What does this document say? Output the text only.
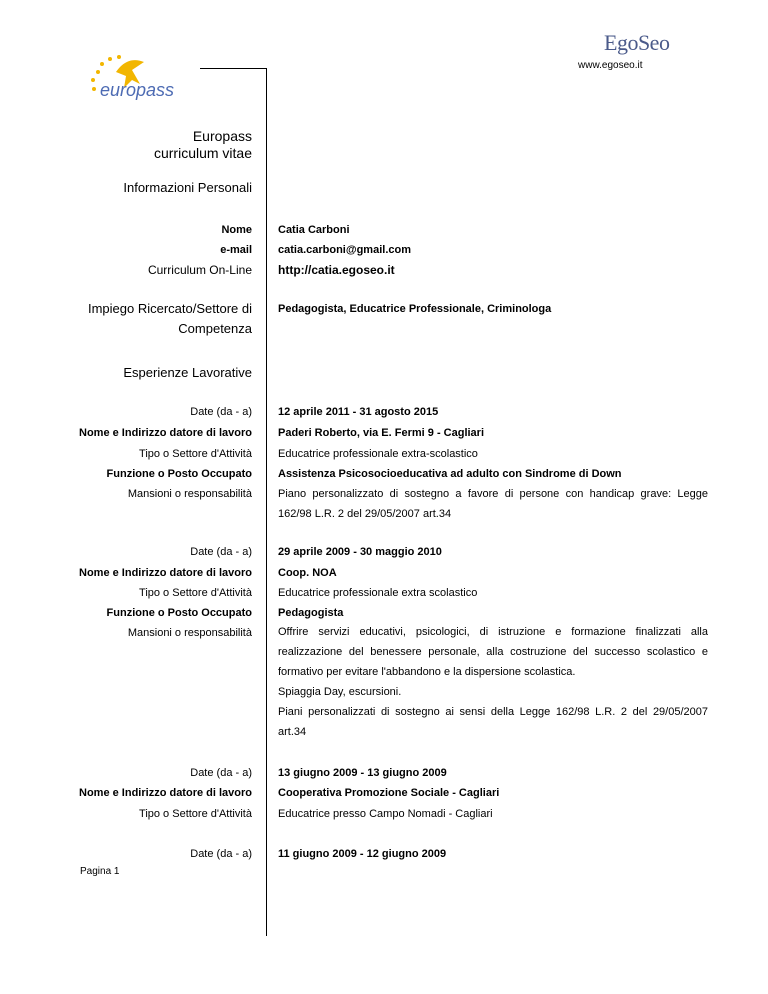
EgoSeo
www.egoseo.it
europass
Europass
curriculum vitae
Informazioni Personali
Nome Catia Carboni
e-mail catia.carboni@gmail.com
Curriculum On-Line http://catia.egoseo.it
Impiego Ricercato/Settore di
Competenza
Pedagogista, Educatrice Professionale, Criminologa
Esperienze Lavorative
Date (da - a) 12 aprile 2011 - 31 agosto 2015
Nome e Indirizzo datore di lavoro Paderi Roberto, via E. Fermi 9 - Cagliari
Tipo o Settore d'Attività Educatrice professionale extra-scolastico
Funzione o Posto Occupato Assistenza Psicosocioeducativa ad adulto con Sindrome di Down
Mansioni o responsabilità Piano personalizzato di sostegno a favore di persone con handicap grave: Legge 162/98 L.R. 2 del 29/05/2007 art.34
Date (da - a) 29 aprile 2009 - 30 maggio 2010
Nome e Indirizzo datore di lavoro Coop. NOA
Tipo o Settore d'Attività Educatrice professionale extra scolastico
Funzione o Posto Occupato Pedagogista
Mansioni o responsabilità Offrire servizi educativi, psicologici, di istruzione e formazione finalizzati alla realizzazione del benessere personale, alla costruzione del successo scolastico e formativo per evitare l'abbandono e la dispersione scolastica.
Spiaggia Day, escursioni.
Piani personalizzati di sostegno ai sensi della Legge 162/98 L.R. 2 del 29/05/2007 art.34
Date (da - a) 13 giugno 2009 - 13 giugno 2009
Nome e Indirizzo datore di lavoro Cooperativa Promozione Sociale - Cagliari
Tipo o Settore d'Attività Educatrice presso Campo Nomadi - Cagliari
Date (da - a) 11 giugno 2009 - 12 giugno 2009
Pagina 1
